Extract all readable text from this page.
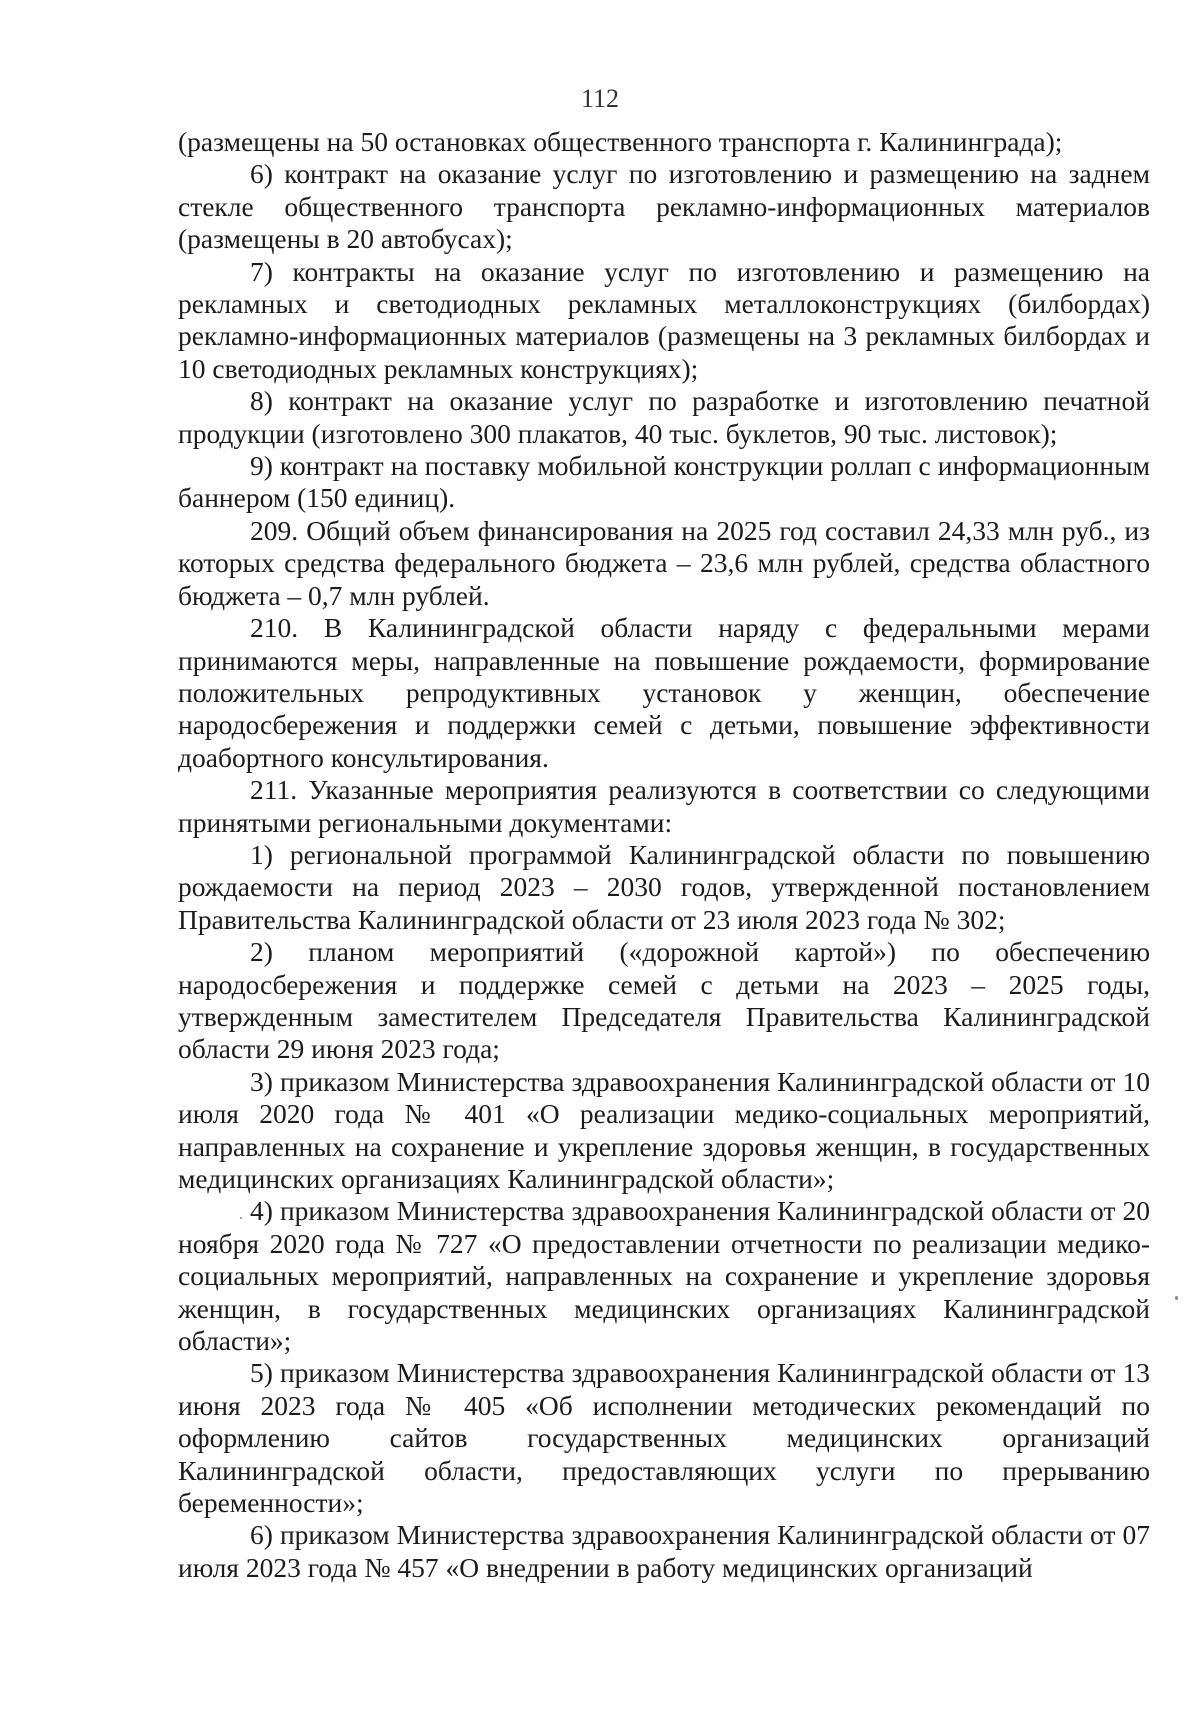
112

(размещены на 50 остановках общественного транспорта г. Калининграда);

6) контракт на оказание услуг по изготовлению и размещению на заднем стекле общественного транспорта рекламно-информационных материалов (размещены в 20 автобусах);

7) контракты на оказание услуг по изготовлению и размещению на рекламных и светодиодных рекламных металлоконструкциях (билбордах) рекламно-информационных материалов (размещены на 3 рекламных билбордах и 10 светодиодных рекламных конструкциях);

8) контракт на оказание услуг по разработке и изготовлению печатной продукции (изготовлено 300 плакатов, 40 тыс. буклетов, 90 тыс. листовок);

9) контракт на поставку мобильной конструкции роллап с информационным баннером (150 единиц).

209. Общий объем финансирования на 2025 год составил 24,33 млн руб., из которых средства федерального бюджета – 23,6 млн рублей, средства областного бюджета – 0,7 млн рублей.

210. В Калининградской области наряду с федеральными мерами принимаются меры, направленные на повышение рождаемости, формирование положительных репродуктивных установок у женщин, обеспечение народосбережения и поддержки семей с детьми, повышение эффективности доабортного консультирования.

211. Указанные мероприятия реализуются в соответствии со следующими принятыми региональными документами:

1) региональной программой Калининградской области по повышению рождаемости на период 2023 – 2030 годов, утвержденной постановлением Правительства Калининградской области от 23 июля 2023 года № 302;

2) планом мероприятий («дорожной картой») по обеспечению народосбережения и поддержке семей с детьми на 2023 – 2025 годы, утвержденным заместителем Председателя Правительства Калининградской области 29 июня 2023 года;

3) приказом Министерства здравоохранения Калининградской области от 10 июля 2020 года № 401 «О реализации медико-социальных мероприятий, направленных на сохранение и укрепление здоровья женщин, в государственных медицинских организациях Калининградской области»;

4) приказом Министерства здравоохранения Калининградской области от 20 ноября 2020 года № 727 «О предоставлении отчетности по реализации медико-социальных мероприятий, направленных на сохранение и укрепление здоровья женщин, в государственных медицинских организациях Калининградской области»;

5) приказом Министерства здравоохранения Калининградской области от 13 июня 2023 года № 405 «Об исполнении методических рекомендаций по оформлению сайтов государственных медицинских организаций Калининградской области, предоставляющих услуги по прерыванию беременности»;

6) приказом Министерства здравоохранения Калининградской области от 07 июля 2023 года № 457 «О внедрении в работу медицинских организаций
